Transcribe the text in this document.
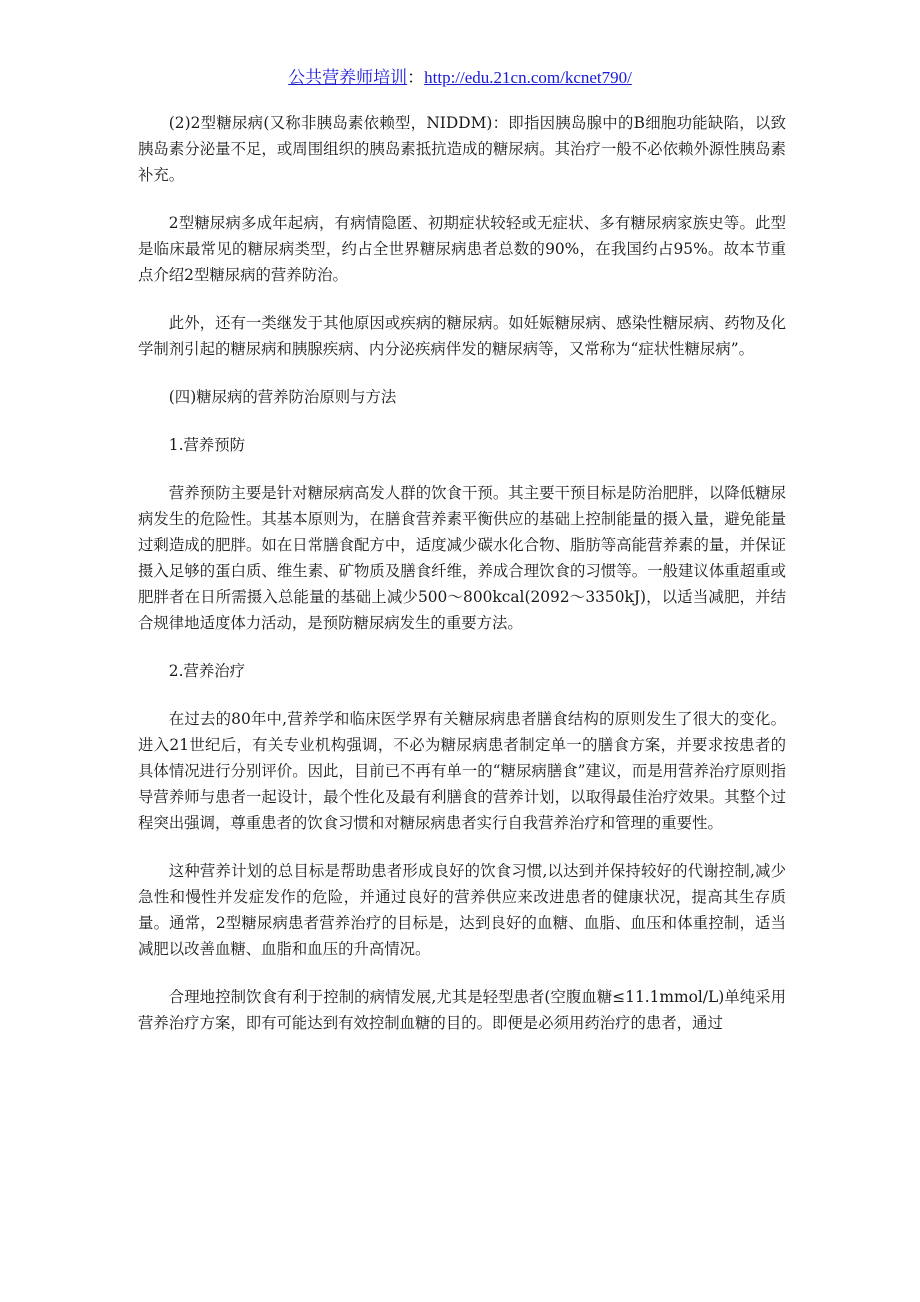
公共营养师培训：http://edu.21cn.com/kcnet790/

(2)2型糖尿病(又称非胰岛素依赖型，NIDDM)：即指因胰岛腺中的B细胞功能缺陷，以致胰岛素分泌量不足，或周围组织的胰岛素抵抗造成的糖尿病。其治疗一般不必依赖外源性胰岛素补充。

2型糖尿病多成年起病，有病情隐匿、初期症状较轻或无症状、多有糖尿病家族史等。此型是临床最常见的糖尿病类型，约占全世界糖尿病患者总数的90%，在我国约占95%。故本节重点介绍2型糖尿病的营养防治。

此外，还有一类继发于其他原因或疾病的糖尿病。如妊娠糖尿病、感染性糖尿病、药物及化学制剂引起的糖尿病和胰腺疾病、内分泌疾病伴发的糖尿病等，又常称为“症状性糖尿病”。

(四)糖尿病的营养防治原则与方法

1.营养预防

营养预防主要是针对糖尿病高发人群的饮食干预。其主要干预目标是防治肥胖，以降低糖尿病发生的危险性。其基本原则为，在膳食营养素平衡供应的基础上控制能量的摄入量，避免能量过剩造成的肥胖。如在日常膳食配方中，适度减少碳水化合物、脂肪等高能营养素的量，并保证摄入足够的蛋白质、维生素、矿物质及膳食纤维，养成合理饮食的习惯等。一般建议体重超重或肥胖者在日所需摄入总能量的基础上减少500～800kcal(2092～3350kJ)，以适当减肥，并结合规律地适度体力活动，是预防糖尿病发生的重要方法。

2.营养治疗

在过去的80年中,营养学和临床医学界有关糖尿病患者膳食结构的原则发生了很大的变化。进入21世纪后，有关专业机构强调，不必为糖尿病患者制定单一的膳食方案，并要求按患者的具体情况进行分别评价。因此，目前已不再有单一的“糖尿病膳食”建议，而是用营养治疗原则指导营养师与患者一起设计，最个性化及最有利膳食的营养计划，以取得最佳治疗效果。其整个过程突出强调，尊重患者的饮食习惯和对糖尿病患者实行自我营养治疗和管理的重要性。

这种营养计划的总目标是帮助患者形成良好的饮食习惯,以达到并保持较好的代谢控制,减少急性和慢性并发症发作的危险，并通过良好的营养供应来改进患者的健康状况，提高其生存质量。通常，2型糖尿病患者营养治疗的目标是，达到良好的血糖、血脂、血压和体重控制，适当减肥以改善血糖、血脂和血压的升高情况。

合理地控制饮食有利于控制的病情发展,尤其是轻型患者(空腹血糖≤11.1mmol/L)单纯采用营养治疗方案，即有可能达到有效控制血糖的目的。即便是必须用药治疗的患者，通过
